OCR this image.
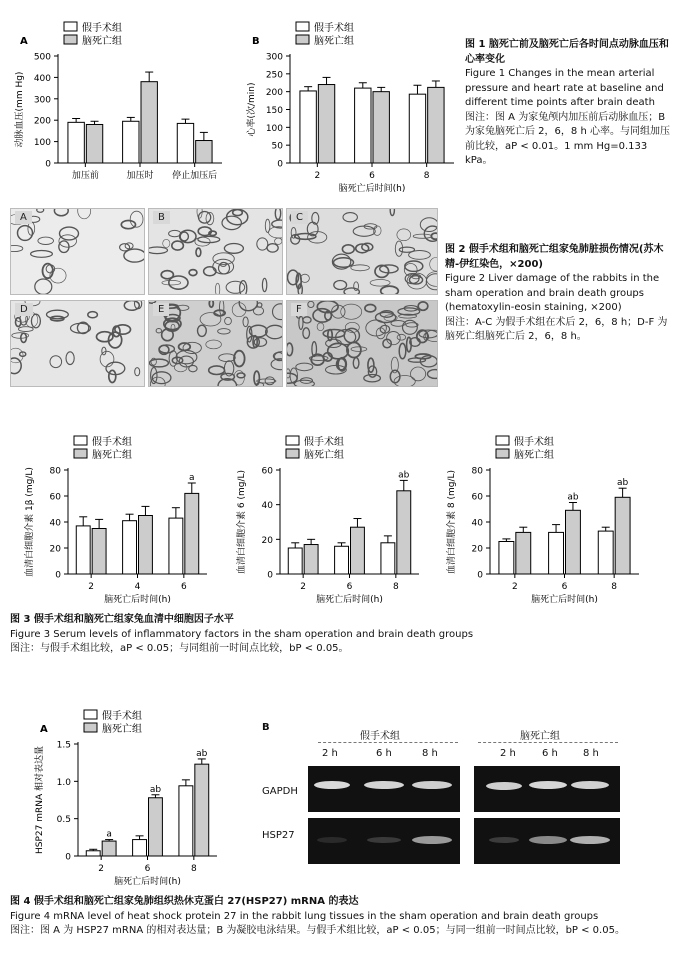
A
假手术组
脑死亡组
0
100
200
300
400
500
动脉血压(mm Hg)
加压前	加压时 停止加压后
B
假手术组
脑死亡组
0
50
100
150
200
250
300
心率(次/min)
2	6	8
脑死亡后时间(h)
图 1 脑死亡前及脑死亡后各时间点动脉血压和心率变化
Figure 1 Changes in the mean arterial pressure and heart rate at baseline and different time points after brain death
图注：图 A 为家兔颅内加压前后动脉血压；B 为家兔脑死亡后 2，6，8 h 心率。与同组加压前比较，aP < 0.01。1 mm Hg=0.133 kPa。
A	B	C
D	E	F
图 2 假手术组和脑死亡组家兔肺脏损伤情况(苏木精-伊红染色，×200)
Figure 2 Liver damage of the rabbits in the sham operation and brain death groups (hematoxylin-eosin staining, ×200)
图注：A-C 为假手术组在术后 2，6，8 h；D-F 为脑死亡组脑死亡后 2，6，8 h。
假手术组
脑死亡组
0
20
40
60
80
血清白细胞介素 1β (mg/L)
2	4	6
a
脑死亡后时间(h)
假手术组
脑死亡组
0
20
40
60
血清白细胞介素 6 (mg/L)
2	6	8
ab
脑死亡后时间(h)
假手术组
脑死亡组
0
20
40
60
80
血清白细胞介素 8 (mg/L)
2	6
ab
8
ab
脑死亡后时间(h)
图 3 假手术组和脑死亡组家兔血清中细胞因子水平
Figure 3 Serum levels of inflammatory factors in the sham operation and brain death groups
图注：与假手术组比较，aP < 0.05；与同组前一时间点比较，bP < 0.05。
A
假手术组
脑死亡组
0
0.5
1.0
1.5
HSP27 mRNA 相对表达量
2
a
6
ab
8
ab
脑死亡后时间(h)
B
假手术组	脑死亡组
2 h	6 h	8 h	2 h	6 h	8 h
GAPDH
HSP27
图 4 假手术组和脑死亡组家兔肺组织热休克蛋白 27(HSP27) mRNA 的表达
Figure 4 mRNA level of heat shock protein 27 in the rabbit lung tissues in the sham operation and brain death groups
图注：图 A 为 HSP27 mRNA 的相对表达量；B 为凝胶电泳结果。与假手术组比较，aP < 0.05；与同一组前一时间点比较，bP < 0.05。
